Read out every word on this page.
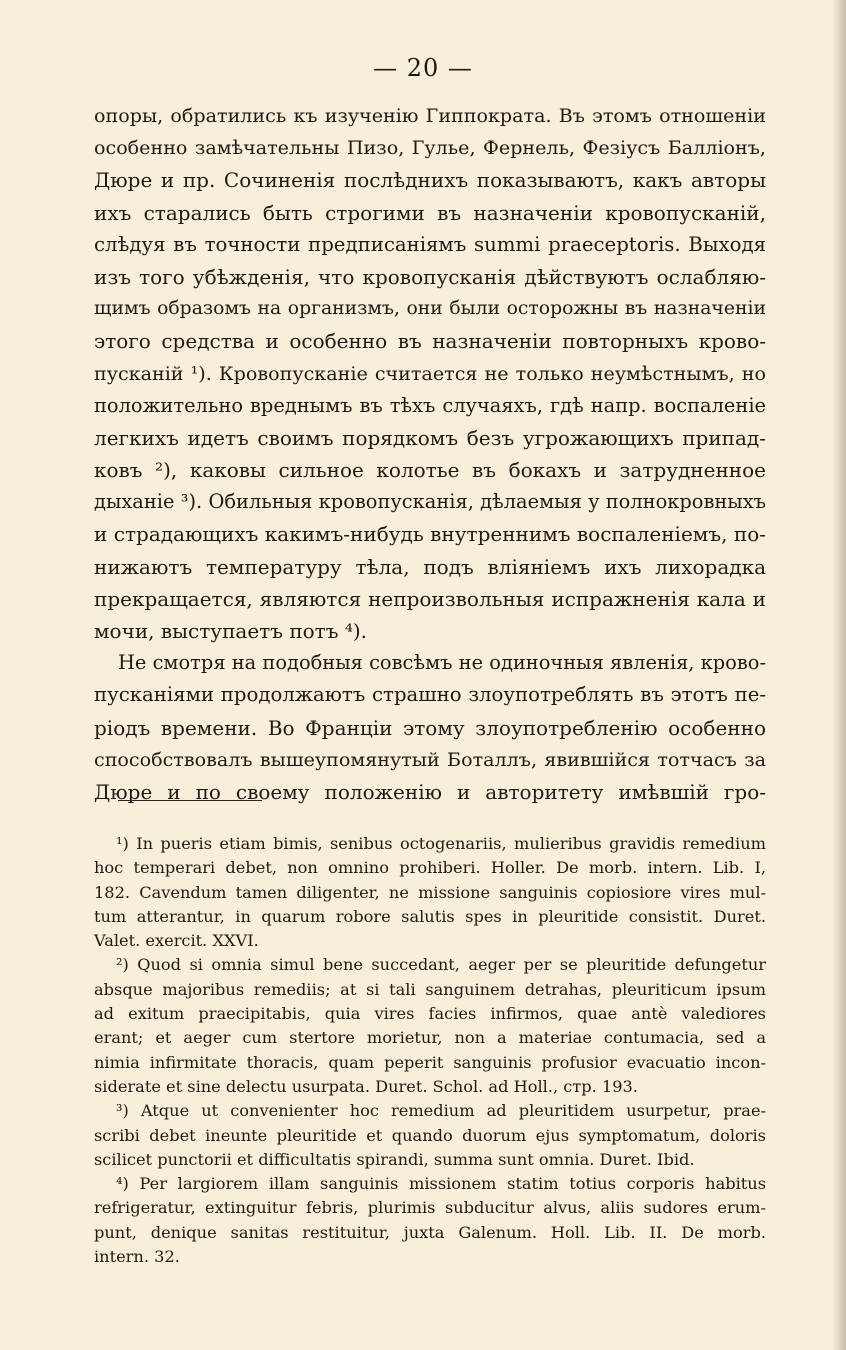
— 20 —
опоры, обратились къ изученію Гиппократа. Въ этомъ отношеніи
особенно замѣчательны Пизо, Гулье, Фернель, Фезіусъ Балліонъ,
Дюре и пр. Сочиненія послѣднихъ показываютъ, какъ авторы
ихъ старались быть строгими въ назначеніи кровопусканій,
слѣдуя въ точности предписаніямъ summi praeceptoris. Выходя
изъ того убѣжденія, что кровопусканія дѣйствуютъ ослабляю-
щимъ образомъ на организмъ, они были осторожны въ назначеніи
этого средства и особенно въ назначеніи повторныхъ крово-
пусканій ¹). Кровопусканіе считается не только неумѣстнымъ, но
положительно вреднымъ въ тѣхъ случаяхъ, гдѣ напр. воспаленіе
легкихъ идетъ своимъ порядкомъ безъ угрожающихъ припад-
ковъ ²), каковы сильное колотье въ бокахъ и затрудненное
дыханіе ³). Обильныя кровопусканія, дѣлаемыя у полнокровныхъ
и страдающихъ какимъ-нибудь внутреннимъ воспаленіемъ, по-
нижаютъ температуру тѣла, подъ вліяніемъ ихъ лихорадка
прекращается, являются непроизвольныя испражненія кала и
мочи, выступаетъ потъ ⁴).
Не смотря на подобныя совсѣмъ не одиночныя явленія, крово-
пусканіями продолжаютъ страшно злоупотреблять въ этотъ пе-
ріодъ времени. Во Франціи этому злоупотребленію особенно
способствовалъ вышеупомянутый Боталлъ, явившійся тотчасъ за
Дюре и по своему положенію и авторитету имѣвшій гро-
¹) In pueris etiam bimis, senibus octogenariis, mulieribus gravidis remedium
hoc temperari debet, non omnino prohiberi. Holler. De morb. intern. Lib. I,
182. Cavendum tamen diligenter, ne missione sanguinis copiosiore vires mul-
tum atterantur, in quarum robore salutis spes in pleuritide consistit. Duret.
Valet. exercit. XXVI.
²) Quod si omnia simul bene succedant, aeger per se pleuritide defungetur
absque majoribus remediis; at si tali sanguinem detrahas, pleuriticum ipsum
ad exitum praecipitabis, quia vires facies infirmos, quae antè valediores
erant; et aeger cum stertore morietur, non a materiae contumacia, sed a
nimia infirmitate thoracis, quam peperit sanguinis profusior evacuatio incon-
siderate et sine delectu usurpata. Duret. Schol. ad Holl., стр. 193.
³) Atque ut convenienter hoc remedium ad pleuritidem usurpetur, prae-
scribi debet ineunte pleuritide et quando duorum ejus symptomatum, doloris
scilicet punctorii et difficultatis spirandi, summa sunt omnia. Duret. Ibid.
⁴) Per largiorem illam sanguinis missionem statim totius corporis habitus
refrigeratur, extinguitur febris, plurimis subducitur alvus, aliis sudores erum-
punt, denique sanitas restituitur, juxta Galenum. Holl. Lib. II. De morb.
intern. 32.
